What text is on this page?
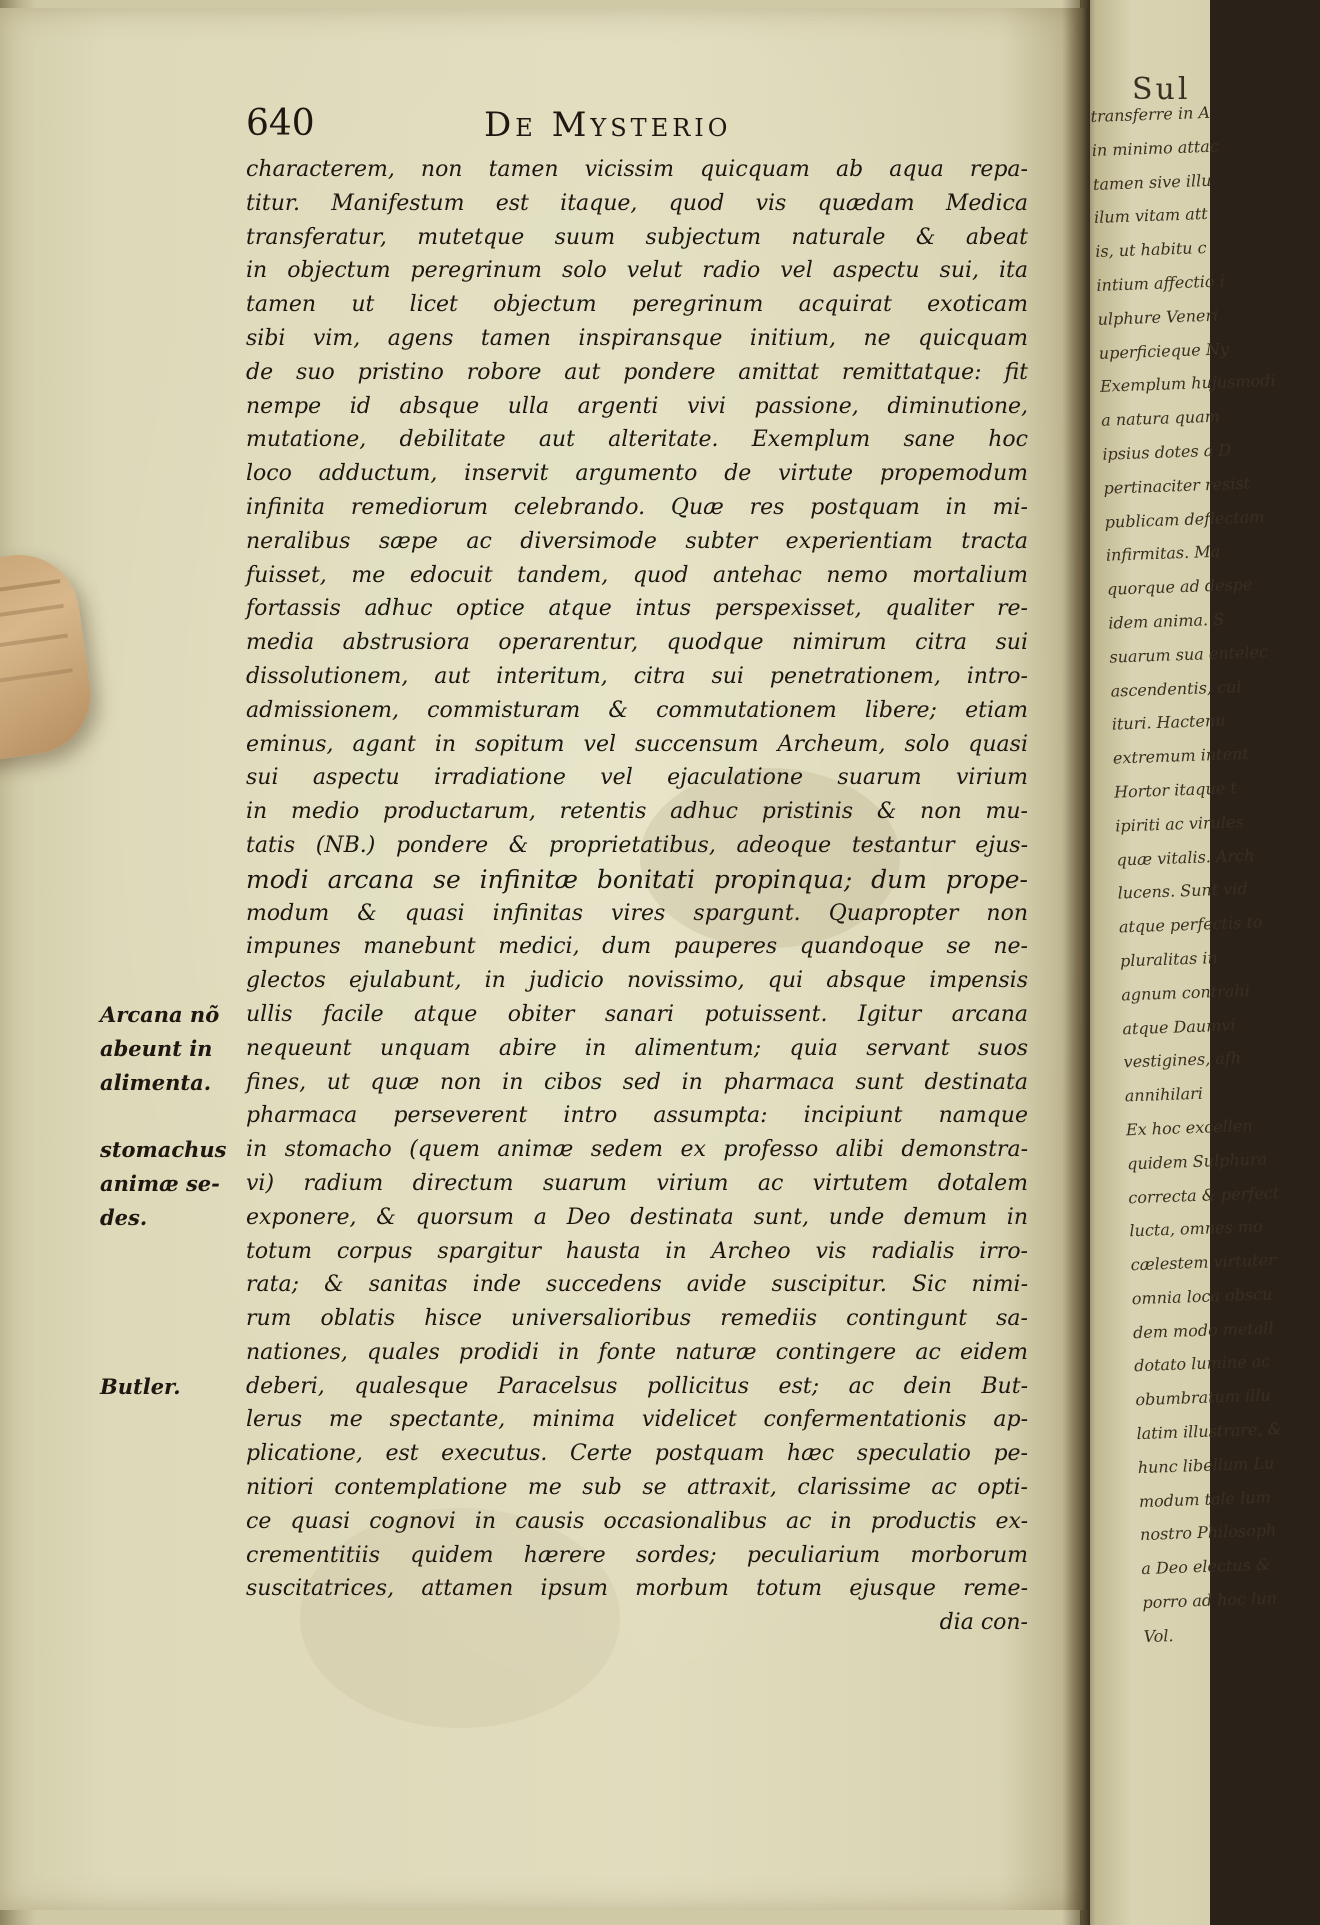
Sul
transferre in A
in minimo attac
tamen sive illu
ilum vitam att
is, ut habitu c
intium affectio i
ulphure Veneri
uperficieque Ny
Exemplum hujusmodi
a natura quam
ipsius dotes a D
pertinaciter resist
publicam deflectam
infirmitas. Ma
quorque ad despe
idem anima. S
suarum sua entelec
ascendentis, cui
ituri. Hactenu
extremum intent
Hortor itaque t
ipiriti ac virules
quæ vitalis. Arch
lucens. Sunt vid
atque perfectis to
pluralitas in
agnum contrahi
atque Daumvi
vestigines, afh
annihilari
Ex hoc excellen
quidem Sulphura
correcta & perfect
lucta, omnes mo
cælestem virtuter
omnia loca obscu
dem modo metall
dotato lumine ac
obumbratum illu
latim illustrare, &
hunc libellum Lu
modum tale lum
nostro Philosoph
a Deo electus &
porro ad hoc lun
Vol.
640	De Mysterio
characterem, non tamen vicissim quicquam ab aqua repa-
titur. Manifestum est itaque, quod vis quædam Medica
transferatur, mutetque suum subjectum naturale & abeat
in objectum peregrinum solo velut radio vel aspectu sui, ita
tamen ut licet objectum peregrinum acquirat exoticam
sibi vim, agens tamen inspiransque initium, ne quicquam
de suo pristino robore aut pondere amittat remittatque: fit
nempe id absque ulla argenti vivi passione, diminutione,
mutatione, debilitate aut alteritate. Exemplum sane hoc
loco adductum, inservit argumento de virtute propemodum
infinita remediorum celebrando. Quæ res postquam in mi-
neralibus sæpe ac diversimode subter experientiam tracta
fuisset, me edocuit tandem, quod antehac nemo mortalium
fortassis adhuc optice atque intus perspexisset, qualiter re-
media abstrusiora operarentur, quodque nimirum citra sui
dissolutionem, aut interitum, citra sui penetrationem, intro-
admissionem, commisturam & commutationem libere; etiam
eminus, agant in sopitum vel succensum Archeum, solo quasi
sui aspectu irradiatione vel ejaculatione suarum virium
in medio productarum, retentis adhuc pristinis & non mu-
tatis (NB.) pondere & proprietatibus, adeoque testantur ejus-
modi arcana se infinitæ bonitati propinqua; dum prope-
modum & quasi infinitas vires spargunt. Quapropter non
impunes manebunt medici, dum pauperes quandoque se ne-
glectos ejulabunt, in judicio novissimo, qui absque impensis
ullis facile atque obiter sanari potuissent. Igitur arcana
nequeunt unquam abire in alimentum; quia servant suos
fines, ut quæ non in cibos sed in pharmaca sunt destinata
pharmaca perseverent intro assumpta: incipiunt namque
in stomacho (quem animæ sedem ex professo alibi demonstra-
vi) radium directum suarum virium ac virtutem dotalem
exponere, & quorsum a Deo destinata sunt, unde demum in
totum corpus spargitur hausta in Archeo vis radialis irro-
rata; & sanitas inde succedens avide suscipitur. Sic nimi-
rum oblatis hisce universalioribus remediis contingunt sa-
nationes, quales prodidi in fonte naturæ contingere ac eidem
deberi, qualesque Paracelsus pollicitus est; ac dein But-
lerus me spectante, minima videlicet confermentationis ap-
plicatione, est executus. Certe postquam hæc speculatio pe-
nitiori contemplatione me sub se attraxit, clarissime ac opti-
ce quasi cognovi in causis occasionalibus ac in productis ex-
crementitiis quidem hærere sordes; peculiarium morborum
suscitatrices, attamen ipsum morbum totum ejusque reme-
dia con-
Arcana nõ
abeunt in
alimenta.
stomachus
animæ se-
des.
Butler.
